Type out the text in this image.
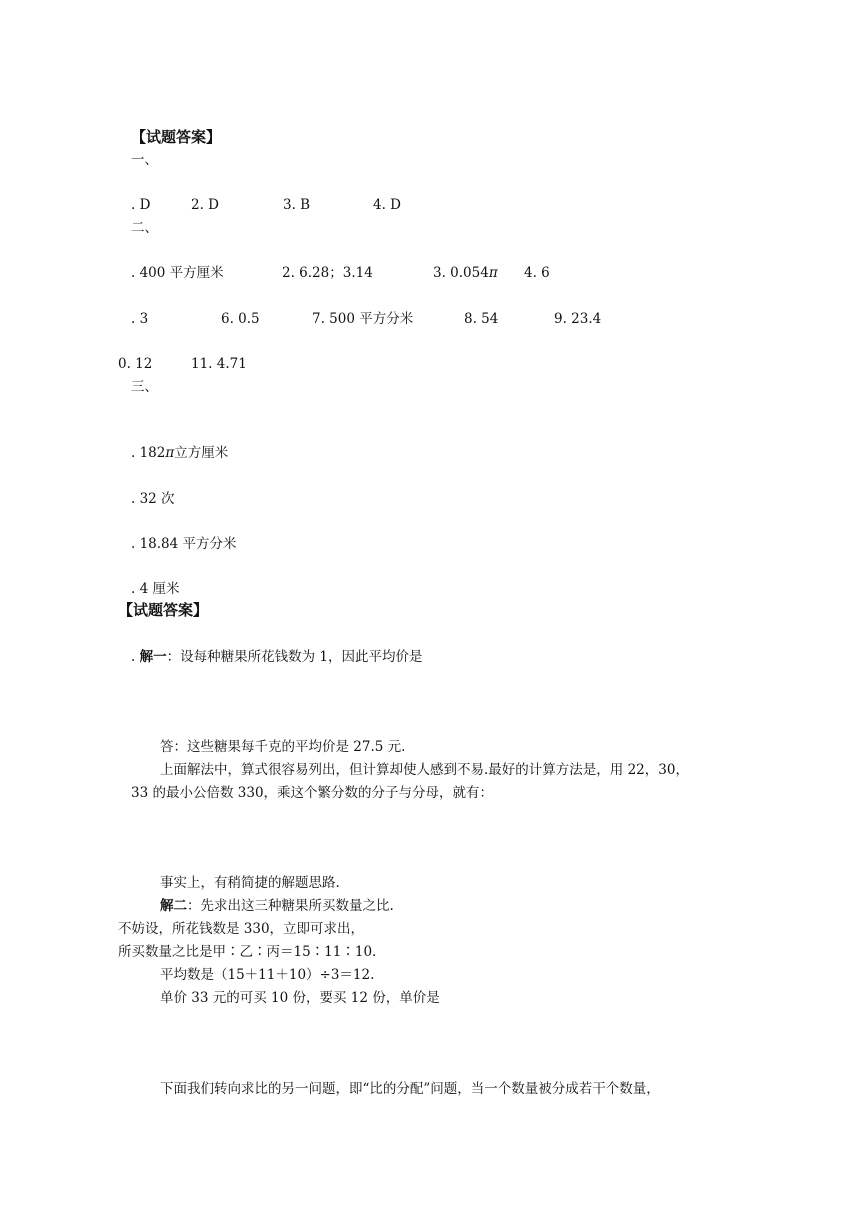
【试题答案】
一、
. D	2. D	3. B	4. D
二、
. 400 平方厘米	2. 6.28；3.14	3. 0.054π 4. 6
. 3	6. 0.5	7. 500 平方分米	8. 54	9. 23.4
0. 12	11. 4.71
三、
. 182π立方厘米
. 32 次
. 18.84 平方分米
. 4 厘米
【试题答案】
. 解一：设每种糖果所花钱数为 1，因此平均价是
答：这些糖果每千克的平均价是 27.5 元.
上面解法中，算式很容易列出，但计算却使人感到不易.最好的计算方法是，用 22，30，
33 的最小公倍数 330，乘这个繁分数的分子与分母，就有：
事实上，有稍简捷的解题思路.
解二：先求出这三种糖果所买数量之比.
不妨设，所花钱数是 330，立即可求出，
所买数量之比是甲∶乙∶丙＝15∶11∶10.
平均数是（15＋11＋10）÷3＝12.
单价 33 元的可买 10 份，要买 12 份，单价是
下面我们转向求比的另一问题，即“比的分配”问题，当一个数量被分成若干个数量，
